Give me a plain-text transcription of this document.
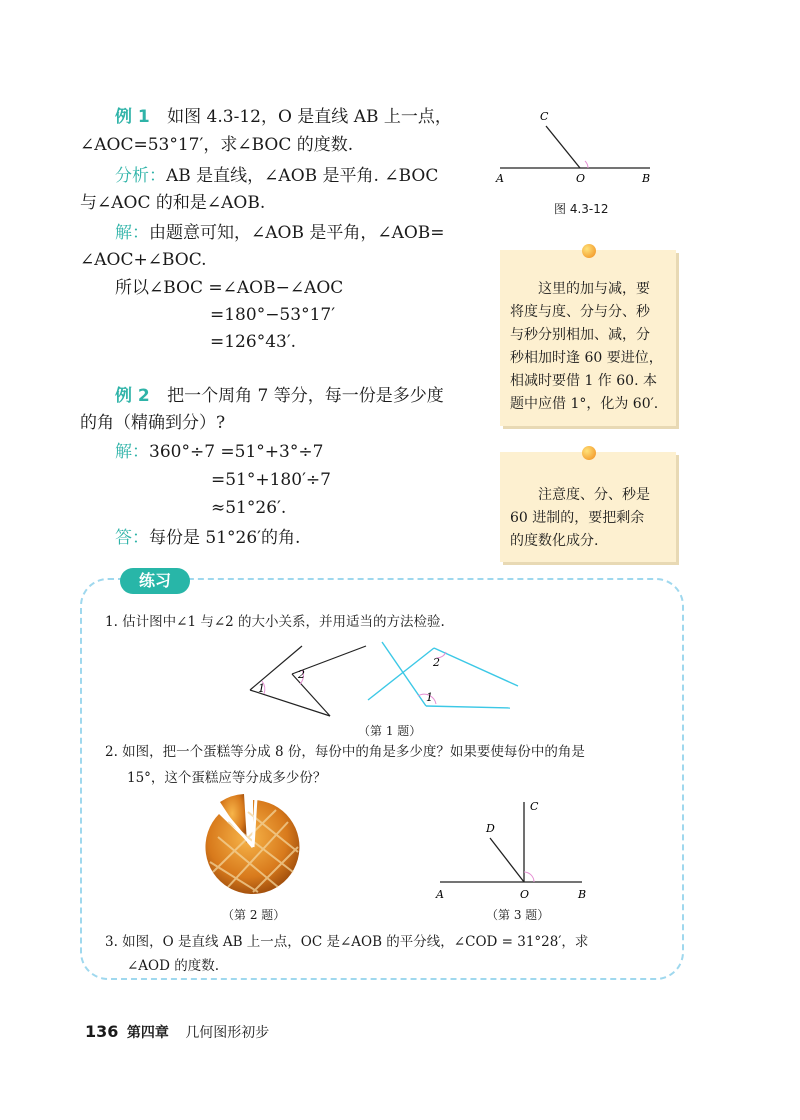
例 1 如图 4.3-12，O 是直线 AB 上一点，
∠AOC=53°17′，求∠BOC 的度数.
分析：AB 是直线，∠AOB 是平角. ∠BOC
与∠AOC 的和是∠AOB.
解：由题意可知，∠AOB 是平角，∠AOB=
∠AOC+∠BOC.
所以∠BOC =∠AOB−∠AOC
=180°−53°17′
=126°43′.
C
A	O	B
图 4.3-12

这里的加与减，要

将度与度、分与分、秒

与秒分别相加、减，分

秒相加时逢 60 要进位，

相减时要借 1 作 60. 本

题中应借 1°，化为 60′.

例 2 把一个周角 7 等分，每一份是多少度
的角（精确到分）?
解：360°÷7 =51°+3°÷7
=51°+180′÷7
≈51°26′.
答：每份是 51°26′的角.

注意度、分、秒是

60 进制的，要把剩余

的度数化成分.

练习
1. 估计图中∠1 与∠2 的大小关系，并用适当的方法检验.
1
2
2
1
（第 1 题）
2. 如图，把一个蛋糕等分成 8 份，每份中的角是多少度？如果要使每份中的角是
15°，这个蛋糕应等分成多少份？
（第 2 题）
C
D
A	O	B
（第 3 题）
3. 如图，O 是直线 AB 上一点，OC 是∠AOB 的平分线，∠COD = 31°28′，求
∠AOD 的度数.
136 第四章 几何图形初步
